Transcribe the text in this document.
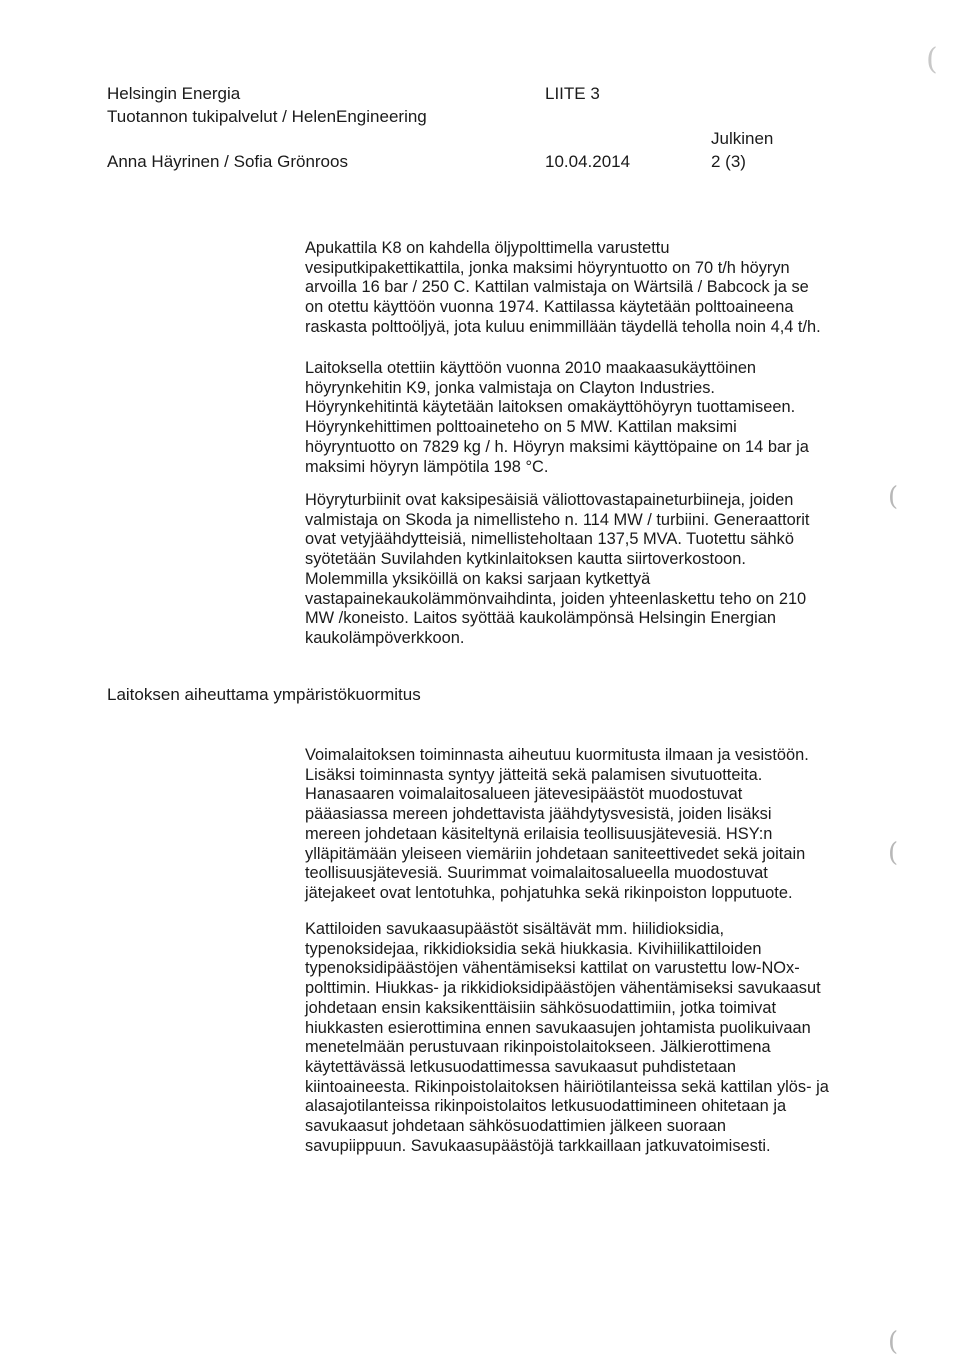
Helsingin Energia
Tuotannon tukipalvelut / HelenEngineering
Anna Häyrinen / Sofia Grönroos
LIITE 3
10.04.2014
Julkinen
2 (3)
(
(
(
(
Apukattila K8 on kahdella öljypolttimella varustettu
vesiputkipakettikattila, jonka maksimi höyryntuotto on 70 t/h höyryn
arvoilla 16 bar / 250 C. Kattilan valmistaja on Wärtsilä / Babcock ja se
on otettu käyttöön vuonna 1974. Kattilassa käytetään polttoaineena
raskasta polttoöljyä, jota kuluu enimmillään täydellä teholla noin 4,4 t/h.
Laitoksella otettiin käyttöön vuonna 2010 maakaasukäyttöinen
höyrynkehitin K9, jonka valmistaja on Clayton Industries.
Höyrynkehitintä käytetään laitoksen omakäyttöhöyryn tuottamiseen.
Höyrynkehittimen polttoaineteho on 5 MW. Kattilan maksimi
höyryntuotto on 7829 kg / h. Höyryn maksimi käyttöpaine on 14 bar ja
maksimi höyryn lämpötila 198 °C.
Höyryturbiinit ovat kaksipesäisiä väliottovastapaineturbiineja, joiden
valmistaja on Skoda ja nimellisteho n. 114 MW / turbiini. Generaattorit
ovat vetyjäähdytteisiä, nimellisteholtaan 137,5 MVA. Tuotettu sähkö
syötetään Suvilahden kytkinlaitoksen kautta siirtoverkostoon.
Molemmilla yksiköillä on kaksi sarjaan kytkettyä
vastapainekaukolämmönvaihdinta, joiden yhteenlaskettu teho on 210
MW /koneisto. Laitos syöttää kaukolämpönsä Helsingin Energian
kaukolämpöverkkoon.
Laitoksen aiheuttama ympäristökuormitus
Voimalaitoksen toiminnasta aiheutuu kuormitusta ilmaan ja vesistöön.
Lisäksi toiminnasta syntyy jätteitä sekä palamisen sivutuotteita.
Hanasaaren voimalaitosalueen jätevesipäästöt muodostuvat
pääasiassa mereen johdettavista jäähdytysvesistä, joiden lisäksi
mereen johdetaan käsiteltynä erilaisia teollisuusjätevesiä. HSY:n
ylläpitämään yleiseen viemäriin johdetaan saniteettivedet sekä joitain
teollisuusjätevesiä. Suurimmat voimalaitosalueella muodostuvat
jätejakeet ovat lentotuhka, pohjatuhka sekä rikinpoiston lopputuote.
Kattiloiden savukaasupäästöt sisältävät mm. hiilidioksidia,
typenoksidejaa, rikkidioksidia sekä hiukkasia. Kivihiilikattiloiden
typenoksidipäästöjen vähentämiseksi kattilat on varustettu low-NOx-
polttimin. Hiukkas- ja rikkidioksidipäästöjen vähentämiseksi savukaasut
johdetaan ensin kaksikenttäisiin sähkösuodattimiin, jotka toimivat
hiukkasten esierottimina ennen savukaasujen johtamista puolikuivaan
menetelmään perustuvaan rikinpoistolaitokseen. Jälkierottimena
käytettävässä letkusuodattimessa savukaasut puhdistetaan
kiintoaineesta. Rikinpoistolaitoksen häiriötilanteissa sekä kattilan ylös- ja
alasajotilanteissa rikinpoistolaitos letkusuodattimineen ohitetaan ja
savukaasut johdetaan sähkösuodattimien jälkeen suoraan
savupiippuun. Savukaasupäästöjä tarkkaillaan jatkuvatoimisesti.
